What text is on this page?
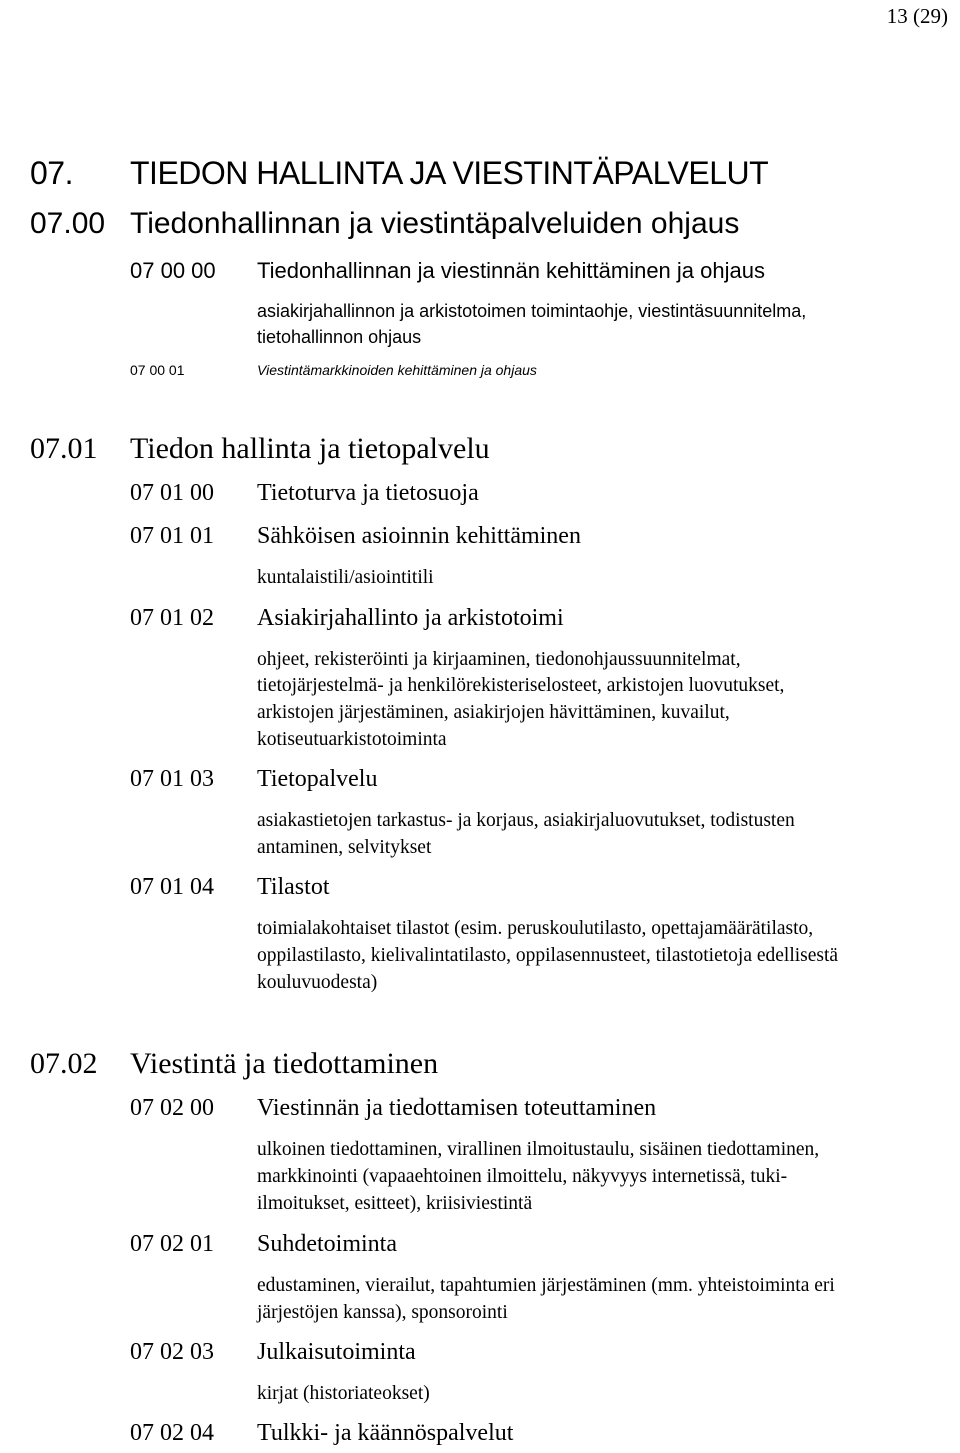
13 (29)
07. TIEDON HALLINTA JA VIESTINTÄPALVELUT
07.00 Tiedonhallinnan ja viestintäpalveluiden ohjaus
07 00 00 Tiedonhallinnan ja viestinnän kehittäminen ja ohjaus
asiakirjahallinnon ja arkistotoimen toimintaohje, viestintäsuunnitelma,
tietohallinnon ohjaus
07 00 01	Viestintämarkkinoiden kehittäminen ja ohjaus
07.01 Tiedon hallinta ja tietopalvelu
07 01 00 Tietoturva ja tietosuoja
07 01 01 Sähköisen asioinnin kehittäminen
kuntalaistili/asiointitili
07 01 02 Asiakirjahallinto ja arkistotoimi
ohjeet, rekisteröinti ja kirjaaminen, tiedonohjaussuunnitelmat,
tietojärjestelmä- ja henkilörekisteriselosteet, arkistojen luovutukset,
arkistojen järjestäminen, asiakirjojen hävittäminen, kuvailut,
kotiseutuarkistotoiminta
07 01 03 Tietopalvelu
asiakastietojen tarkastus- ja korjaus, asiakirjaluovutukset, todistusten
antaminen, selvitykset
07 01 04 Tilastot
toimialakohtaiset tilastot (esim. peruskoulutilasto, opettajamäärätilasto,
oppilastilasto, kielivalintatilasto, oppilasennusteet, tilastotietoja edellisestä
kouluvuodesta)
07.02 Viestintä ja tiedottaminen
07 02 00 Viestinnän ja tiedottamisen toteuttaminen
ulkoinen tiedottaminen, virallinen ilmoitustaulu, sisäinen tiedottaminen,
markkinointi (vapaaehtoinen ilmoittelu, näkyvyys internetissä, tuki-
ilmoitukset, esitteet), kriisiviestintä
07 02 01 Suhdetoiminta
edustaminen, vierailut, tapahtumien järjestäminen (mm. yhteistoiminta eri
järjestöjen kanssa), sponsorointi
07 02 03 Julkaisutoiminta
kirjat (historiateokset)
07 02 04 Tulkki- ja käännöspalvelut
